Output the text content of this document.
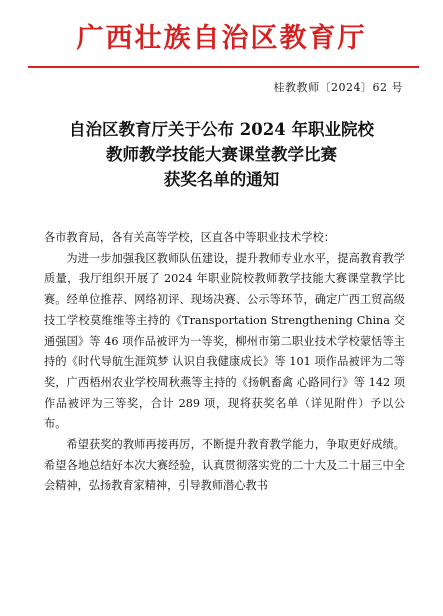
广西壮族自治区教育厅
桂教教师〔2024〕62 号
自治区教育厅关于公布 2024 年职业院校
教师教学技能大赛课堂教学比赛
获奖名单的通知

各市教育局，各有关高等学校，区直各中等职业技术学校：

为进一步加强我区教师队伍建设，提升教师专业水平，提高教育教学质量，我厅组织开展了 2024 年职业院校教师教学技能大赛课堂教学比赛。经单位推荐、网络初评、现场决赛、公示等环节，确定广西工贸高级技工学校莫维维等主持的《Transportation Strengthening China 交通强国》等 46 项作品被评为一等奖，柳州市第二职业技术学校蒙恬等主持的《时代导航生涯筑梦 认识自我健康成长》等 101 项作品被评为二等奖，广西梧州农业学校周秋燕等主持的《扬帆畜禽 心路同行》等 142 项作品被评为三等奖，合计 289 项，现将获奖名单（详见附件）予以公布。

希望获奖的教师再接再厉，不断提升教育教学能力，争取更好成绩。希望各地总结好本次大赛经验，认真贯彻落实党的二十大及二十届三中全会精神，弘扬教育家精神，引导教师潜心教书
